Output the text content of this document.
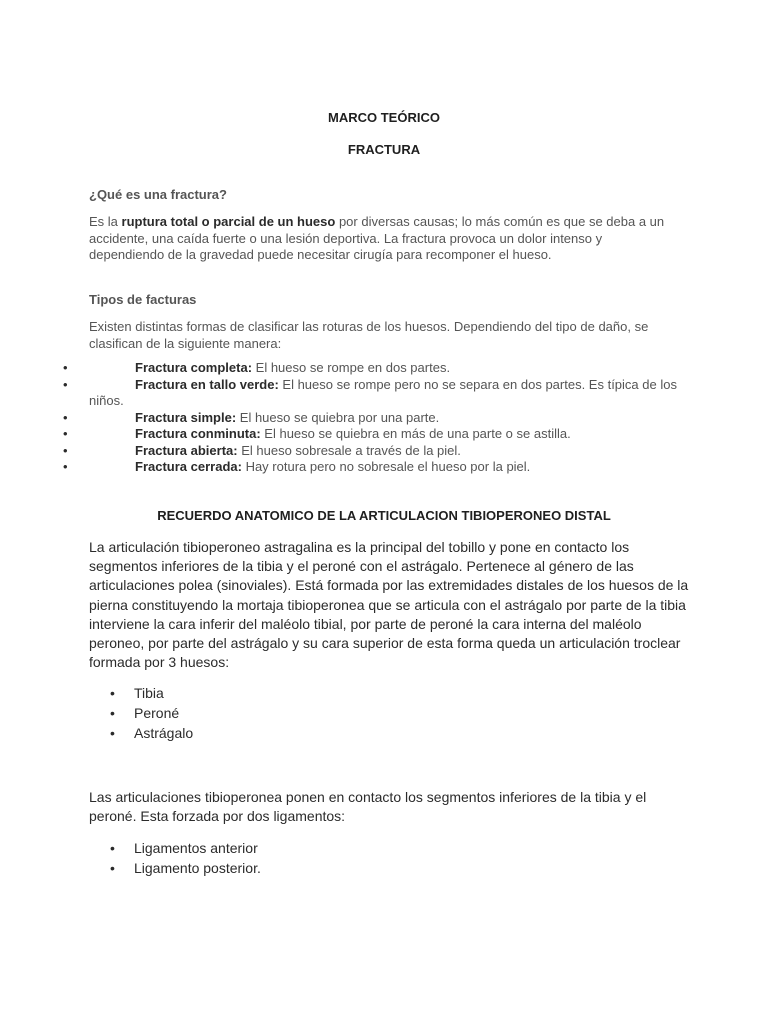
MARCO TEÓRICO
FRACTURA
¿Qué es una fractura?
Es la ruptura total o parcial de un hueso por diversas causas; lo más común es que se deba a un accidente, una caída fuerte o una lesión deportiva. La fractura provoca un dolor intenso y dependiendo de la gravedad puede necesitar cirugía para recomponer el hueso.
Tipos de facturas
Existen distintas formas de clasificar las roturas de los huesos. Dependiendo del tipo de daño, se clasifican de la siguiente manera:
•	Fractura completa: El hueso se rompe en dos partes.
•	Fractura en tallo verde: El hueso se rompe pero no se separa en dos partes. Es típica de los niños.
•	Fractura simple: El hueso se quiebra por una parte.
•	Fractura conminuta: El hueso se quiebra en más de una parte o se astilla.
•	Fractura abierta: El hueso sobresale a través de la piel.
•	Fractura cerrada: Hay rotura pero no sobresale el hueso por la piel.
RECUERDO ANATOMICO DE LA ARTICULACION TIBIOPERONEO DISTAL
La articulación tibioperoneo astragalina es la principal del tobillo y pone en contacto los segmentos inferiores de la tibia y el peroné con el astrágalo. Pertenece al género de las articulaciones polea (sinoviales). Está formada por las extremidades distales de los huesos de la pierna constituyendo la mortaja tibioperonea que se articula con el astrágalo por parte de la tibia interviene la cara inferir del maléolo tibial, por parte de peroné la cara interna del maléolo peroneo, por parte del astrágalo y su cara superior de esta forma queda un articulación troclear formada por 3 huesos:
• Tibia
• Peroné
• Astrágalo
Las articulaciones tibioperonea ponen en contacto los segmentos inferiores de la tibia y el peroné. Esta forzada por dos ligamentos:
• Ligamentos anterior
• Ligamento posterior.
